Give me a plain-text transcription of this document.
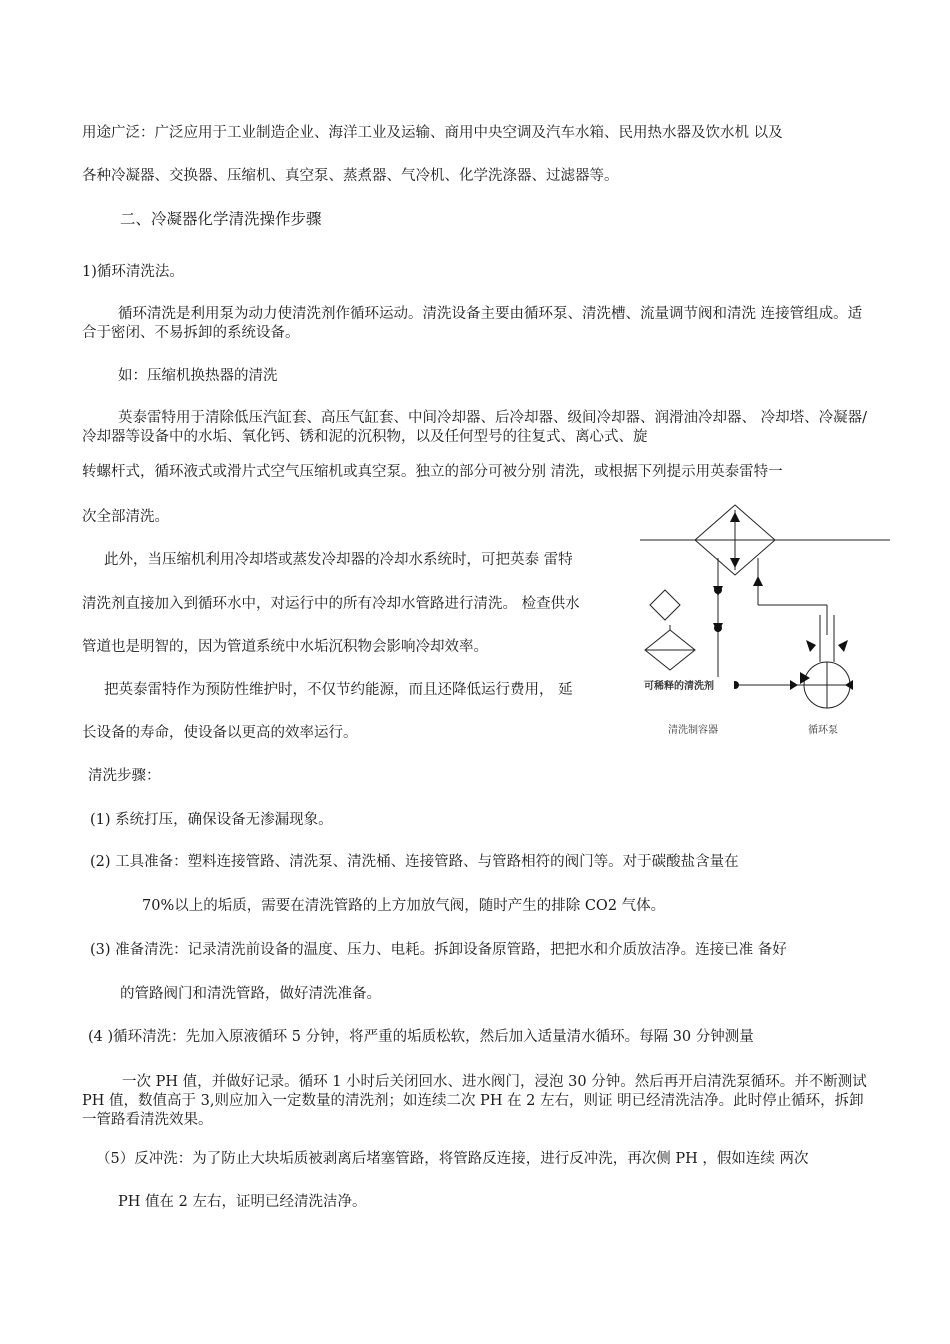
用途广泛：广泛应用于工业制造企业、海洋工业及运输、商用中央空调及汽车水箱、民用热水器及饮水机 以及
各种冷凝器、交换器、压缩机、真空泵、蒸煮器、气冷机、化学洗涤器、过滤器等。
二、冷凝器化学清洗操作步骤
1)循环清洗法。
循环清洗是利用泵为动力使清洗剂作循环运动。清洗设备主要由循环泵、清洗槽、流量调节阀和清洗 连接管组成。适合于密闭、不易拆卸的系统设备。
如：压缩机换热器的清洗
英泰雷特用于清除低压汽缸套、高压气缸套、中间冷却器、后冷却器、级间冷却器、润滑油冷却器、 冷却塔、冷凝器/冷却器等设备中的水垢、氧化钙、锈和泥的沉积物，以及任何型号的往复式、离心式、旋
转螺杆式，循环液式或滑片式空气压缩机或真空泵。独立的部分可被分别 清洗，或根据下列提示用英泰雷特一
次全部清洗。
此外，当压缩机利用冷却塔或蒸发冷却器的冷却水系统时，可把英泰 雷特
清洗剂直接加入到循环水中，对运行中的所有冷却水管路进行清洗。 检查供水
管道也是明智的，因为管道系统中水垢沉积物会影响冷却效率。
把英泰雷特作为预防性维护时，不仅节约能源，而且还降低运行费用， 延
长设备的寿命，使设备以更高的效率运行。
清洗步骤：
(1) 系统打压，确保设备无渗漏现象。
(2) 工具准备：塑料连接管路、清洗泵、清洗桶、连接管路、与管路相符的阀门等。对于碳酸盐含量在
70%以上的垢质，需要在清洗管路的上方加放气阀，随时产生的排除 CO2 气体。
(3) 准备清洗：记录清洗前设备的温度、压力、电耗。拆卸设备原管路，把把水和介质放洁净。连接已准 备好
的管路阀门和清洗管路，做好清洗准备。
(4 )循环清洗：先加入原液循环 5 分钟，将严重的垢质松软，然后加入适量清水循环。每隔 30 分钟测量
一次 PH 值，并做好记录。循环 1 小时后关闭回水、进水阀门，浸泡 30 分钟。然后再开启清洗泵循环。并不断测试 PH 值，数值高于 3,则应加入一定数量的清洗剂；如连续二次 PH 在 2 左右，则证 明已经清洗洁净。此时停止循环，拆卸一管路看清洗效果。
（5）反冲洗：为了防止大块垢质被剥离后堵塞管路，将管路反连接，进行反冲洗，再次侧 PH ，假如连续 两次
PH 值在 2 左右，证明已经清洗洁净。
可稀释的清洗剂
清洗制容器	循环泵
